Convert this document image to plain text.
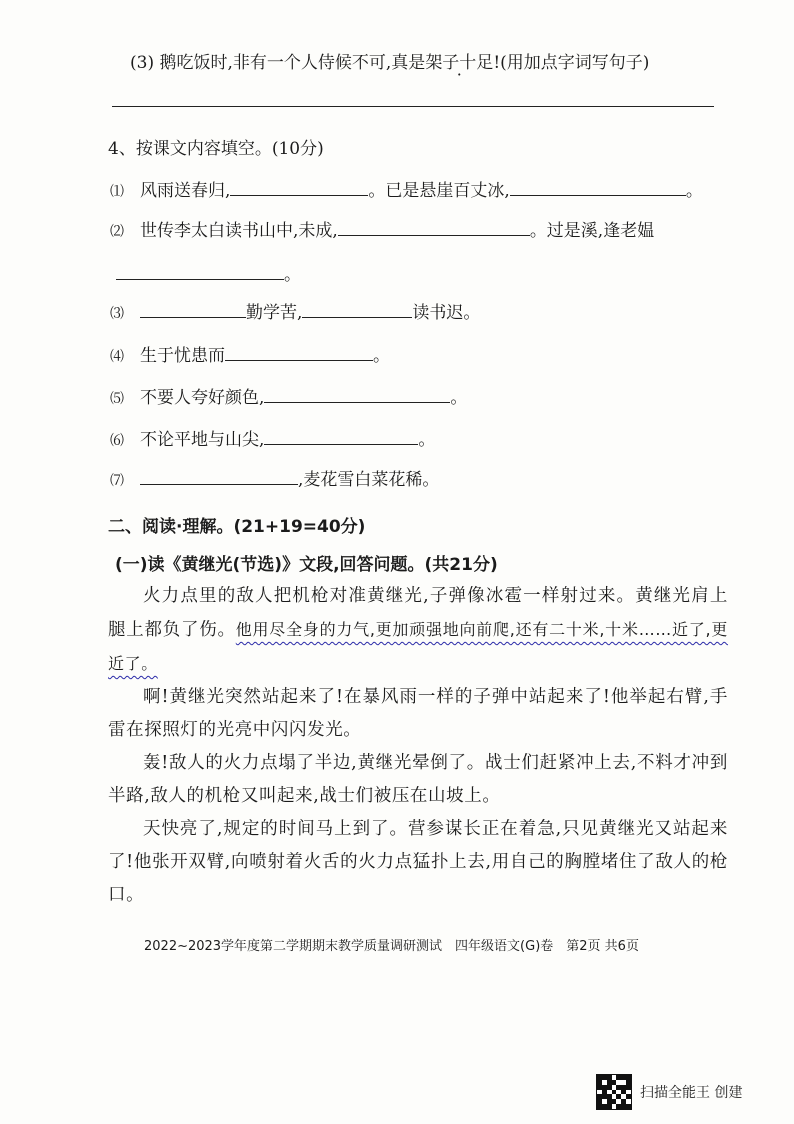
(3) 鹅吃饭时,非有一个人侍候不可,真是架子十足!(用加点字词写句子)
4、按课文内容填空。(10分)
⑴ 风雨送春归,	。已是悬崖百丈冰,	。
⑵ 世传李太白读书山中,未成,	。过是溪,逢老媪
。
⑶	勤学苦,	读书迟。
⑷ 生于忧患而	。
⑸ 不要人夸好颜色,	。
⑹ 不论平地与山尖,	。
⑺	,麦花雪白菜花稀。
二、阅读·理解。(21+19=40分)
(一)读《黄继光(节选)》文段,回答问题。(共21分)

火力点里的敌人把机枪对准黄继光,子弹像冰雹一样射过来。黄继光肩上腿上都负了伤。他用尽全身的力气,更加顽强地向前爬,还有二十米,十米……近了,更近了。

啊!黄继光突然站起来了!在暴风雨一样的子弹中站起来了!他举起右臂,手雷在探照灯的光亮中闪闪发光。

轰!敌人的火力点塌了半边,黄继光晕倒了。战士们赶紧冲上去,不料才冲到半路,敌人的机枪又叫起来,战士们被压在山坡上。

天快亮了,规定的时间马上到了。营参谋长正在着急,只见黄继光又站起来了!他张开双臂,向喷射着火舌的火力点猛扑上去,用自己的胸膛堵住了敌人的枪口。

2022~2023学年度第二学期期末教学质量调研测试　四年级语文(G)卷　第2页 共6页
扫描全能王 创建
